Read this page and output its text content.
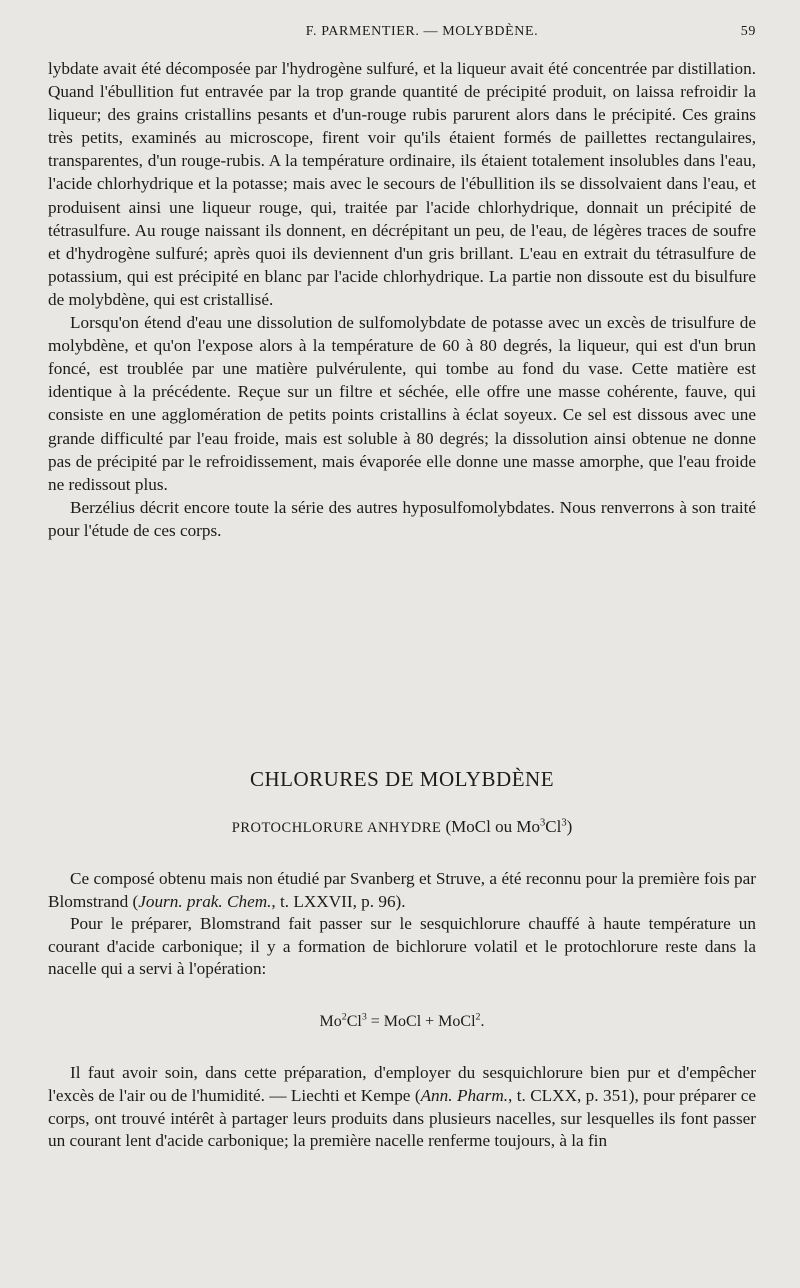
F. PARMENTIER. — MOLYBDÈNE.	59

lybdate avait été décomposée par l'hydrogène sulfuré, et la liqueur avait été concentrée par distillation. Quand l'ébullition fut entravée par la trop grande quantité de précipité produit, on laissa refroidir la liqueur; des grains cristallins pesants et d'un-rouge rubis parurent alors dans le précipité. Ces grains très petits, examinés au microscope, firent voir qu'ils étaient formés de paillettes rectangulaires, transparentes, d'un rouge-rubis. A la température ordinaire, ils étaient totalement insolubles dans l'eau, l'acide chlorhydrique et la potasse; mais avec le secours de l'ébullition ils se dissolvaient dans l'eau, et produisent ainsi une liqueur rouge, qui, traitée par l'acide chlorhydrique, donnait un précipité de tétrasulfure. Au rouge naissant ils donnent, en décrépitant un peu, de l'eau, de légères traces de soufre et d'hydrogène sulfuré; après quoi ils deviennent d'un gris brillant. L'eau en extrait du tétrasulfure de potassium, qui est précipité en blanc par l'acide chlorhydrique. La partie non dissoute est du bisulfure de molybdène, qui est cristallisé.

Lorsqu'on étend d'eau une dissolution de sulfomolybdate de potasse avec un excès de trisulfure de molybdène, et qu'on l'expose alors à la température de 60 à 80 degrés, la liqueur, qui est d'un brun foncé, est troublée par une matière pulvérulente, qui tombe au fond du vase. Cette matière est identique à la précédente. Reçue sur un filtre et séchée, elle offre une masse cohérente, fauve, qui consiste en une agglomération de petits points cristallins à éclat soyeux. Ce sel est dissous avec une grande difficulté par l'eau froide, mais est soluble à 80 degrés; la dissolution ainsi obtenue ne donne pas de précipité par le refroidissement, mais évaporée elle donne une masse amorphe, que l'eau froide ne redissout plus.

Berzélius décrit encore toute la série des autres hyposulfomolybdates. Nous renverrons à son traité pour l'étude de ces corps.

CHLORURES DE MOLYBDÈNE
PROTOCHLORURE ANHYDRE (MoCl ou Mo$^3$Cl$^3$)

Ce composé obtenu mais non étudié par Svanberg et Struve, a été reconnu pour la première fois par Blomstrand (Journ. prak. Chem., t. LXXVII, p. 96).

Pour le préparer, Blomstrand fait passer sur le sesquichlorure chauffé à haute température un courant d'acide carbonique; il y a formation de bichlorure volatil et le protochlorure reste dans la nacelle qui a servi à l'opération:

$Mo^2Cl^3$ = MoCl + MoCl$^2$.

Il faut avoir soin, dans cette préparation, d'employer du sesquichlorure bien pur et d'empêcher l'excès de l'air ou de l'humidité. — Liechti et Kempe (Ann. Pharm., t. CLXX, p. 351), pour préparer ce corps, ont trouvé intérêt à partager leurs produits dans plusieurs nacelles, sur lesquelles ils font passer un courant lent d'acide carbonique; la première nacelle renferme toujours, à la fin
